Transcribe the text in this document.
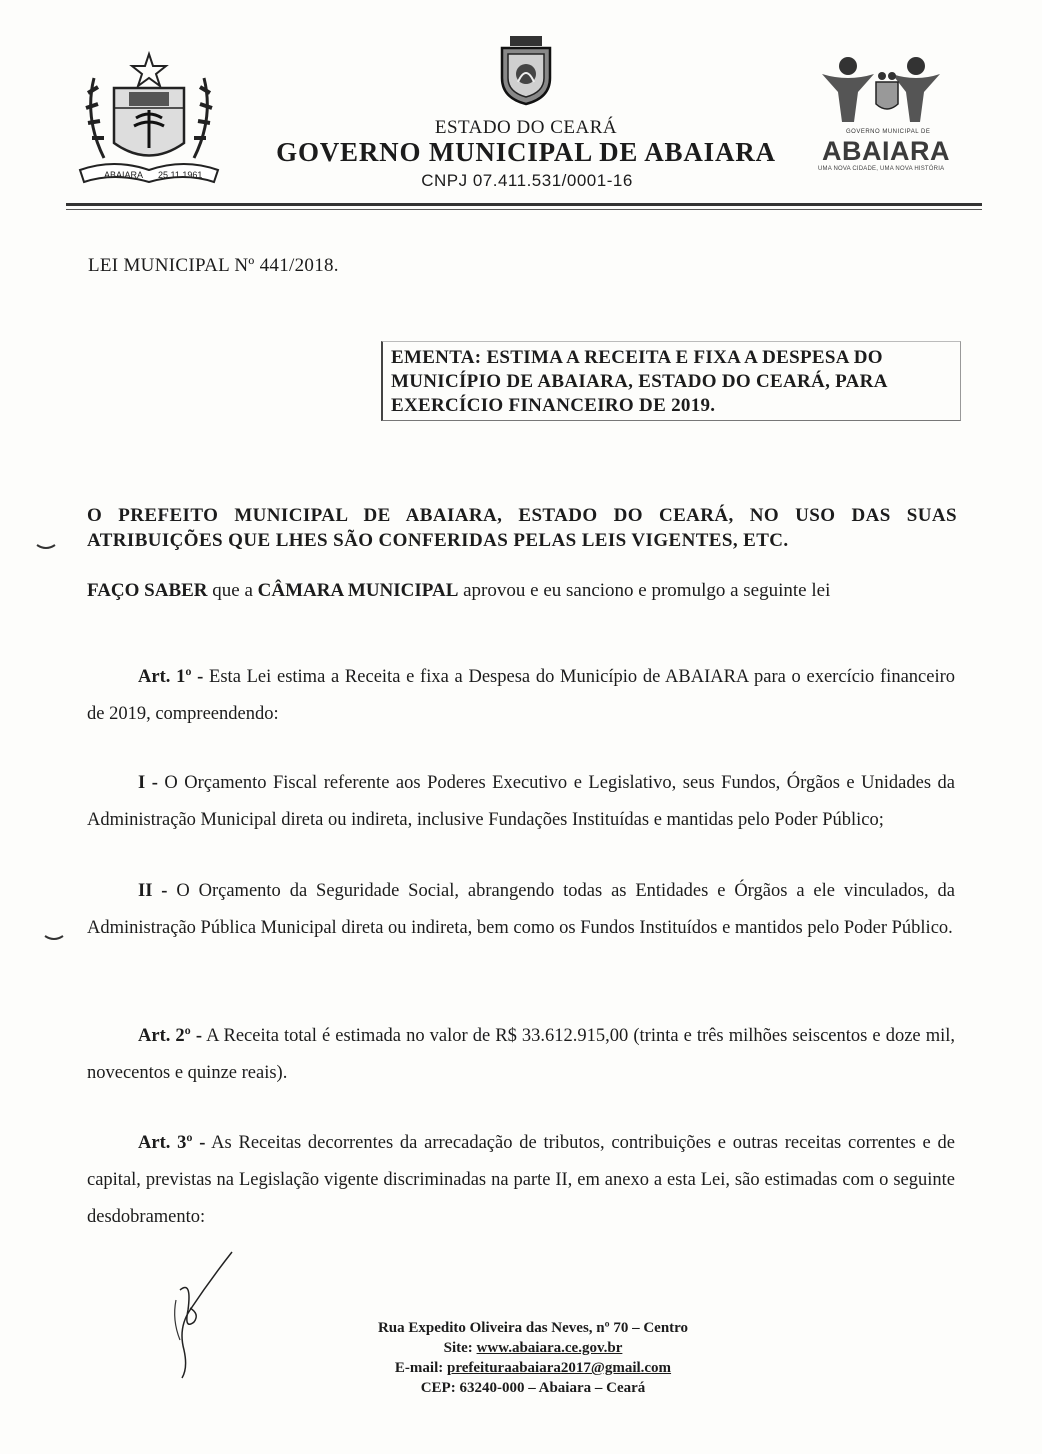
ABAIARA 25.11.1961
GOVERNO MUNICIPAL DE
ABAIARA
UMA NOVA CIDADE, UMA NOVA HISTÓRIA
ESTADO DO CEARÁ
GOVERNO MUNICIPAL DE ABAIARA
CNPJ 07.411.531/0001-16
LEI MUNICIPAL Nº 441/2018.
EMENTA: ESTIMA A RECEITA E FIXA A DESPESA DO
MUNICÍPIO DE ABAIARA, ESTADO DO CEARÁ, PARA
EXERCÍCIO FINANCEIRO DE 2019.
O PREFEITO MUNICIPAL DE ABAIARA, ESTADO DO CEARÁ, NO USO DAS SUAS ATRIBUIÇÕES QUE LHES SÃO CONFERIDAS PELAS LEIS VIGENTES, ETC.
FAÇO SABER que a CÂMARA MUNICIPAL aprovou e eu sanciono e promulgo a seguinte lei
Art. 1º - Esta Lei estima a Receita e fixa a Despesa do Município de ABAIARA para o exercício financeiro de 2019, compreendendo:
I - O Orçamento Fiscal referente aos Poderes Executivo e Legislativo, seus Fundos, Órgãos e Unidades da Administração Municipal direta ou indireta, inclusive Fundações Instituídas e mantidas pelo Poder Público;
II - O Orçamento da Seguridade Social, abrangendo todas as Entidades e Órgãos a ele vinculados, da Administração Pública Municipal direta ou indireta, bem como os Fundos Instituídos e mantidos pelo Poder Público.
Art. 2º - A Receita total é estimada no valor de R$ 33.612.915,00 (trinta e três milhões seiscentos e doze mil, novecentos e quinze reais).
Art. 3º - As Receitas decorrentes da arrecadação de tributos, contribuições e outras receitas correntes e de capital, previstas na Legislação vigente discriminadas na parte II, em anexo a esta Lei, são estimadas com o seguinte desdobramento:
Rua Expedito Oliveira das Neves, nº 70 – Centro
Site: www.abaiara.ce.gov.br
E-mail: prefeituraabaiara2017@gmail.com
CEP: 63240-000 – Abaiara – Ceará
